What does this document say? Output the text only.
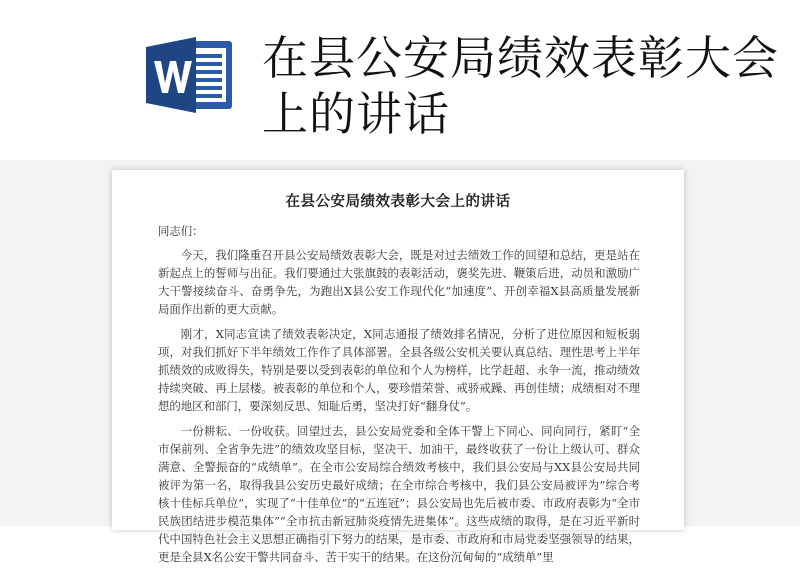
在县公安局绩效表彰大会上的讲话
在县公安局绩效表彰大会上的讲话

同志们：

今天，我们隆重召开县公安局绩效表彰大会，既是对过去绩效工作的回望和总结，更是站在新起点上的誓师与出征。我们要通过大张旗鼓的表彰活动，褒奖先进、鞭策后进，动员和激励广大干警接续奋斗、奋勇争先，为跑出X县公安工作现代化“加速度”、开创幸福X县高质量发展新局面作出新的更大贡献。

刚才，X同志宣读了绩效表彰决定，X同志通报了绩效排名情况，分析了进位原因和短板弱项，对我们抓好下半年绩效工作作了具体部署。全县各级公安机关要认真总结、理性思考上半年抓绩效的成败得失，特别是要以受到表彰的单位和个人为榜样，比学赶超、永争一流，推动绩效持续突破、再上层楼。被表彰的单位和个人，要珍惜荣誉、戒骄戒躁、再创佳绩；成绩相对不理想的地区和部门，要深刻反思、知耻后勇，坚决打好“翻身仗”。

一份耕耘、一份收获。回望过去，县公安局党委和全体干警上下同心、同向同行，紧盯“全市保前列、全省争先进”的绩效攻坚目标，坚决干、加油干，最终收获了一份让上级认可、群众满意、全警振奋的“成绩单”。在全市公安局综合绩效考核中，我们县公安局与XX县公安局共同被评为第一名，取得我县公安历史最好成绩；在全市综合考核中，我们县公安局被评为“综合考核十佳标兵单位”，实现了“十佳单位”的“五连冠”；县公安局也先后被市委、市政府表彰为“全市民族团结进步模范集体”“全市抗击新冠肺炎疫情先进集体”。这些成绩的取得，是在习近平新时代中国特色社会主义思想正确指引下努力的结果，是市委、市政府和市局党委坚强领导的结果，更是全县X名公安干警共同奋斗、苦干实干的结果。在这份沉甸甸的“成绩单”里
